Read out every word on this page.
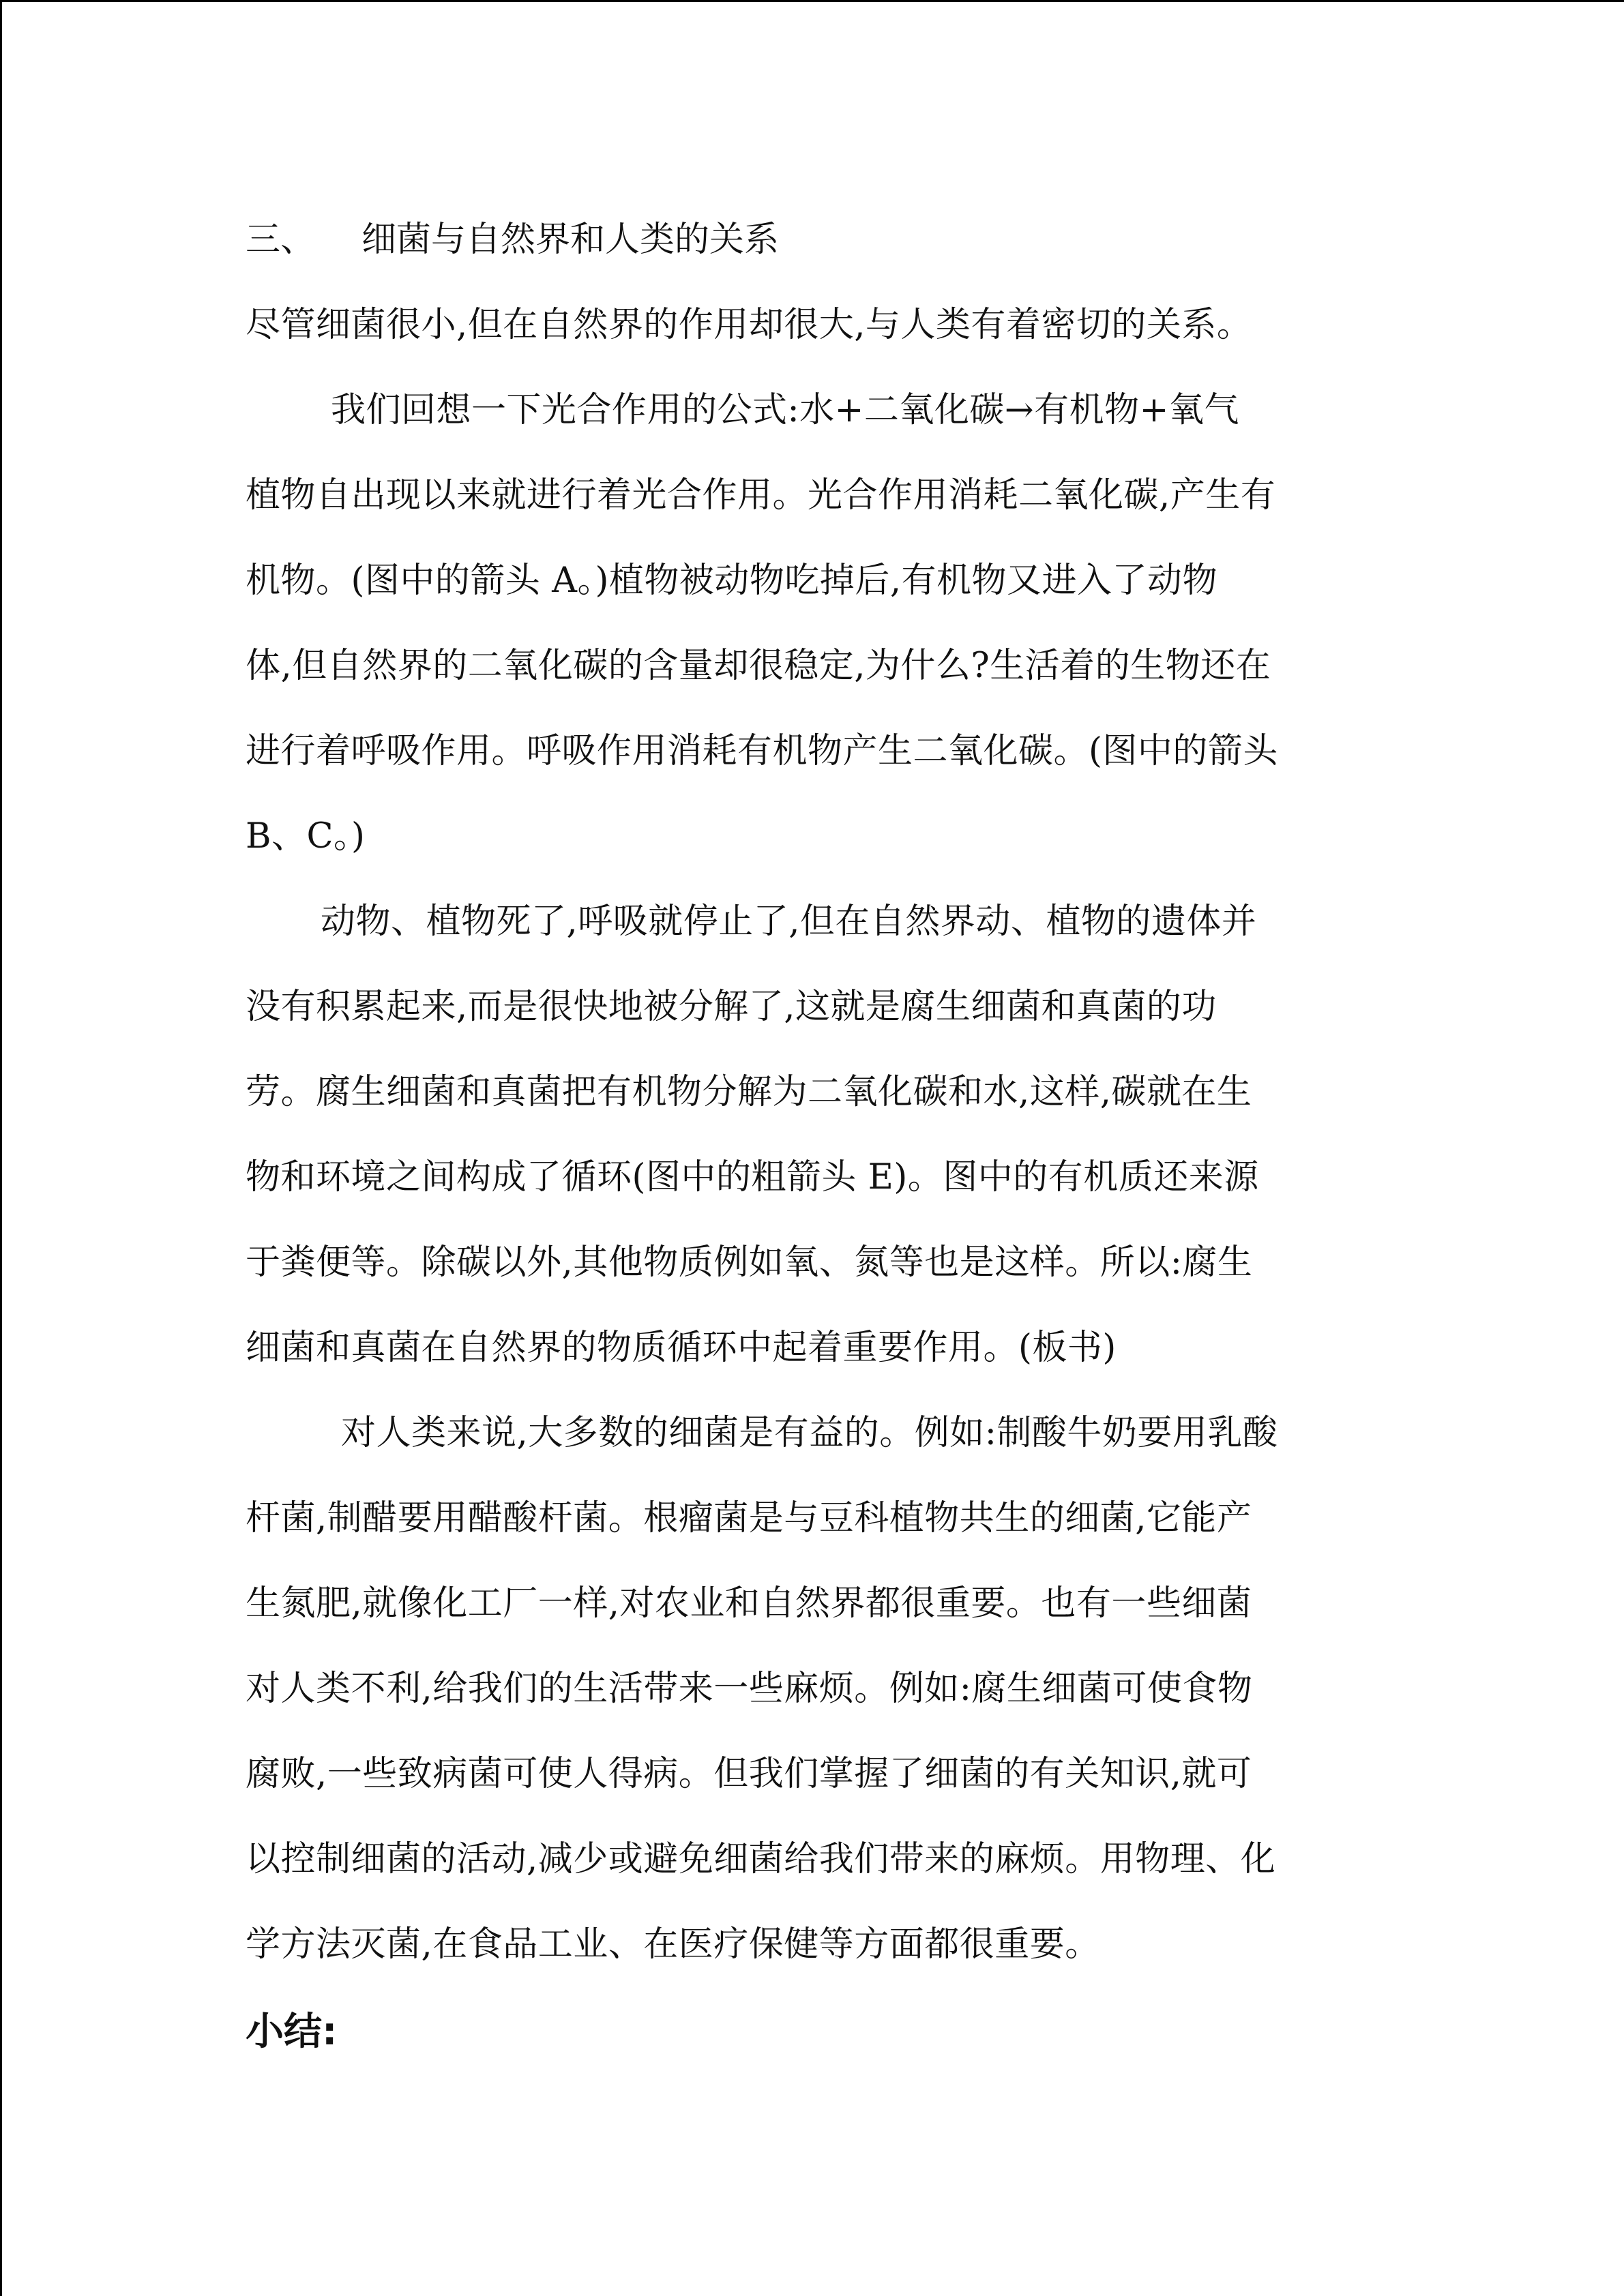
三、 细菌与自然界和人类的关系
尽管细菌很小,但在自然界的作用却很大,与人类有着密切的关系。
我们回想一下光合作用的公式:水+二氧化碳→有机物+氧气
植物自出现以来就进行着光合作用。光合作用消耗二氧化碳,产生有
机物。(图中的箭头 A。)植物被动物吃掉后,有机物又进入了动物
体,但自然界的二氧化碳的含量却很稳定,为什么?生活着的生物还在
进行着呼吸作用。呼吸作用消耗有机物产生二氧化碳。(图中的箭头
B、C。)
动物、植物死了,呼吸就停止了,但在自然界动、植物的遗体并
没有积累起来,而是很快地被分解了,这就是腐生细菌和真菌的功
劳。腐生细菌和真菌把有机物分解为二氧化碳和水,这样,碳就在生
物和环境之间构成了循环(图中的粗箭头 E)。图中的有机质还来源
于粪便等。除碳以外,其他物质例如氧、氮等也是这样。所以:腐生
细菌和真菌在自然界的物质循环中起着重要作用。(板书)
对人类来说,大多数的细菌是有益的。例如:制酸牛奶要用乳酸
杆菌,制醋要用醋酸杆菌。根瘤菌是与豆科植物共生的细菌,它能产
生氮肥,就像化工厂一样,对农业和自然界都很重要。也有一些细菌
对人类不利,给我们的生活带来一些麻烦。例如:腐生细菌可使食物
腐败,一些致病菌可使人得病。但我们掌握了细菌的有关知识,就可
以控制细菌的活动,减少或避免细菌给我们带来的麻烦。用物理、化
学方法灭菌,在食品工业、在医疗保健等方面都很重要。
小结:
